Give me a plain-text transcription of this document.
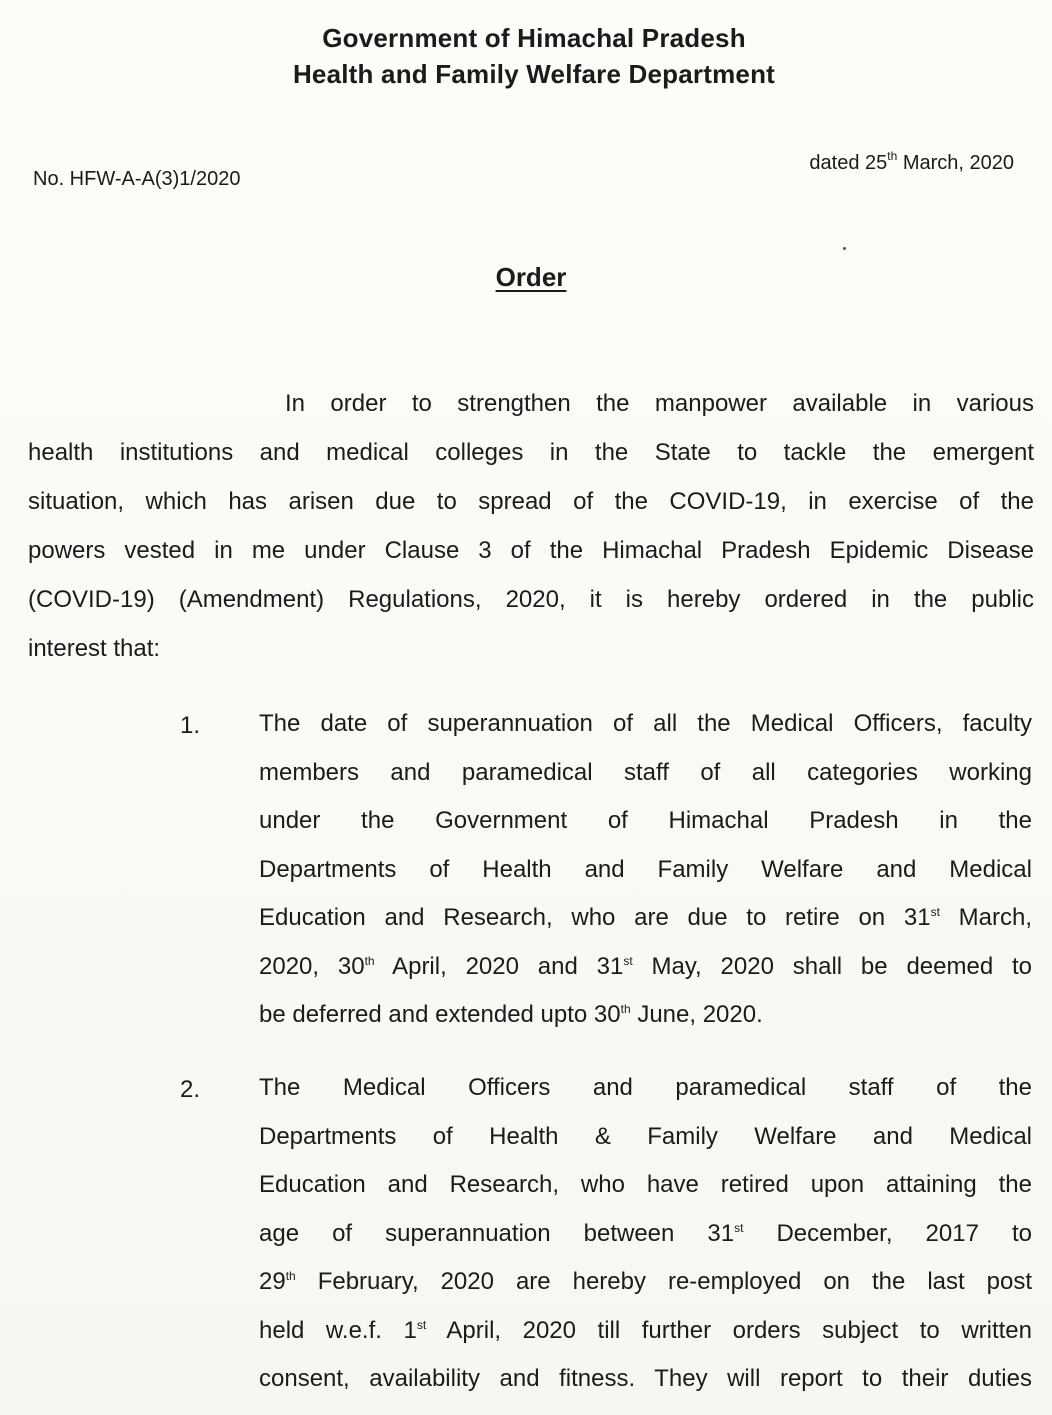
Government of Himachal Pradesh
Health and Family Welfare Department
No. HFW-A-A(3)1/2020
dated 25th March, 2020
Order
In order to strengthen the manpower available in various
health institutions and medical colleges in the State to tackle the emergent
situation, which has arisen due to spread of the COVID-19, in exercise of the
powers vested in me under Clause 3 of the Himachal Pradesh Epidemic Disease
(COVID-19) (Amendment) Regulations, 2020, it is hereby ordered in the public
interest that:
1. The date of superannuation of all the Medical Officers, faculty
members and paramedical staff of all categories working
under the Government of Himachal Pradesh in the
Departments of Health and Family Welfare and Medical
Education and Research, who are due to retire on 31st March,
2020, 30th April, 2020 and 31st May, 2020 shall be deemed to
be deferred and extended upto 30th June, 2020.
2. The Medical Officers and paramedical staff of the
Departments of Health & Family Welfare and Medical
Education and Research, who have retired upon attaining the
age of superannuation between 31st December, 2017 to
29th February, 2020 are hereby re-employed on the last post
held w.e.f. 1st April, 2020 till further orders subject to written
consent, availability and fitness. They will report to their duties
